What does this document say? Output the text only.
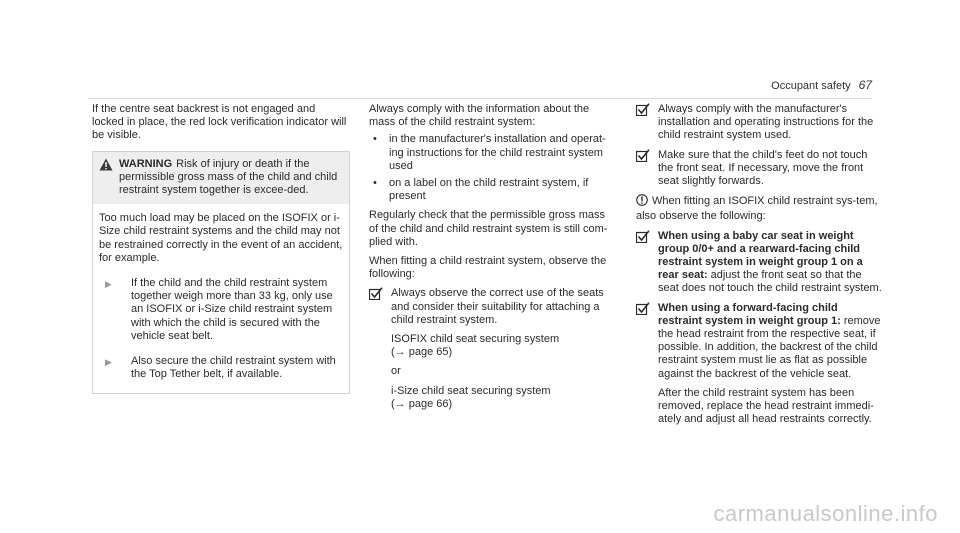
Occupant safety 67

If the centre seat backrest is not engaged and locked in place, the red lock verification indicator will be visible.

WARNING Risk of injury or death if the permissible gross mass of the child and child restraint system together is excee-ded.

Too much load may be placed on the ISOFIX or i-Size child restraint systems and the child may not be restrained correctly in the event of an accident, for example.

▶	If the child and the child restraint system together weigh more than 33 kg, only use an ISOFIX or i-Size child restraint system with which the child is secured with the vehicle seat belt.
▶	Also secure the child restraint system with the Top Tether belt, if available.

Always comply with the information about the mass of the child restraint system:

•	in the manufacturer's installation and operat-ing instructions for the child restraint system used
•	on a label on the child restraint system, if present

Regularly check that the permissible gross mass of the child and child restraint system is still com-plied with.

When fitting a child restraint system, observe the following:

Always observe the correct use of the seats and consider their suitability for attaching a child restraint system.
ISOFIX child seat securing system
(→ page 65)
or
i-Size child seat securing system
(→ page 66)
Always comply with the manufacturer's installation and operating instructions for the child restraint system used.
Make sure that the child's feet do not touch the front seat. If necessary, move the front seat slightly forwards.
When fitting an ISOFIX child restraint sys-tem, also observe the following:
When using a baby car seat in weight group 0/0+ and a rearward-facing child restraint system in weight group 1 on a rear seat: adjust the front seat so that the seat does not touch the child restraint system.
When using a forward-facing child restraint system in weight group 1: remove the head restraint from the respective seat, if possible. In addition, the backrest of the child restraint system must lie as flat as possible against the backrest of the vehicle seat.

After the child restraint system has been removed, replace the head restraint immedi-ately and adjust all head restraints correctly.

carmanualsonline.info
